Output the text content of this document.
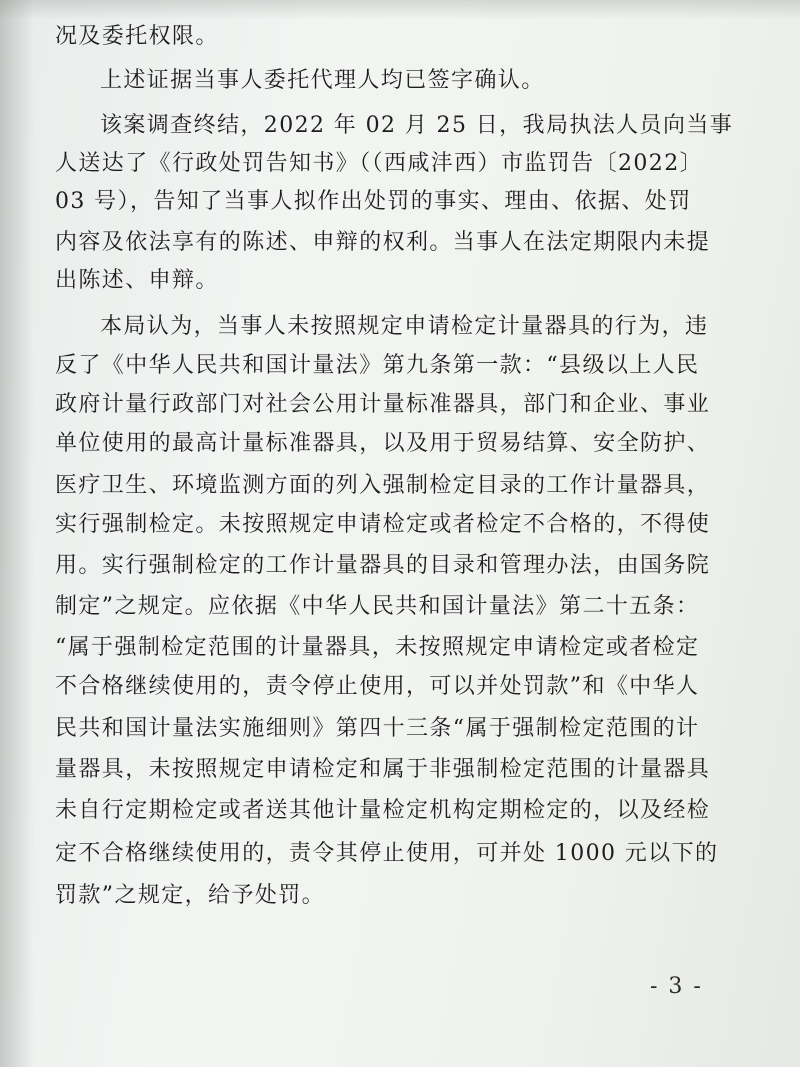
况及委托权限。

上述证据当事人委托代理人均已签字确认。

该案调查终结，2022 年 02 月 25 日，我局执法人员向当事

人送达了《行政处罚告知书》（（西咸沣西）市监罚告〔2022〕

03 号），告知了当事人拟作出处罚的事实、理由、依据、处罚

内容及依法享有的陈述、申辩的权利。当事人在法定期限内未提

出陈述、申辩。

本局认为，当事人未按照规定申请检定计量器具的行为，违

反了《中华人民共和国计量法》第九条第一款：“县级以上人民

政府计量行政部门对社会公用计量标准器具，部门和企业、事业

单位使用的最高计量标准器具，以及用于贸易结算、安全防护、

医疗卫生、环境监测方面的列入强制检定目录的工作计量器具，

实行强制检定。未按照规定申请检定或者检定不合格的，不得使

用。实行强制检定的工作计量器具的目录和管理办法，由国务院

制定”之规定。应依据《中华人民共和国计量法》第二十五条：

“属于强制检定范围的计量器具，未按照规定申请检定或者检定

不合格继续使用的，责令停止使用，可以并处罚款”和《中华人

民共和国计量法实施细则》第四十三条“属于强制检定范围的计

量器具，未按照规定申请检定和属于非强制检定范围的计量器具

未自行定期检定或者送其他计量检定机构定期检定的，以及经检

定不合格继续使用的，责令其停止使用，可并处 1000 元以下的

罚款”之规定，给予处罚。

- 3 -
